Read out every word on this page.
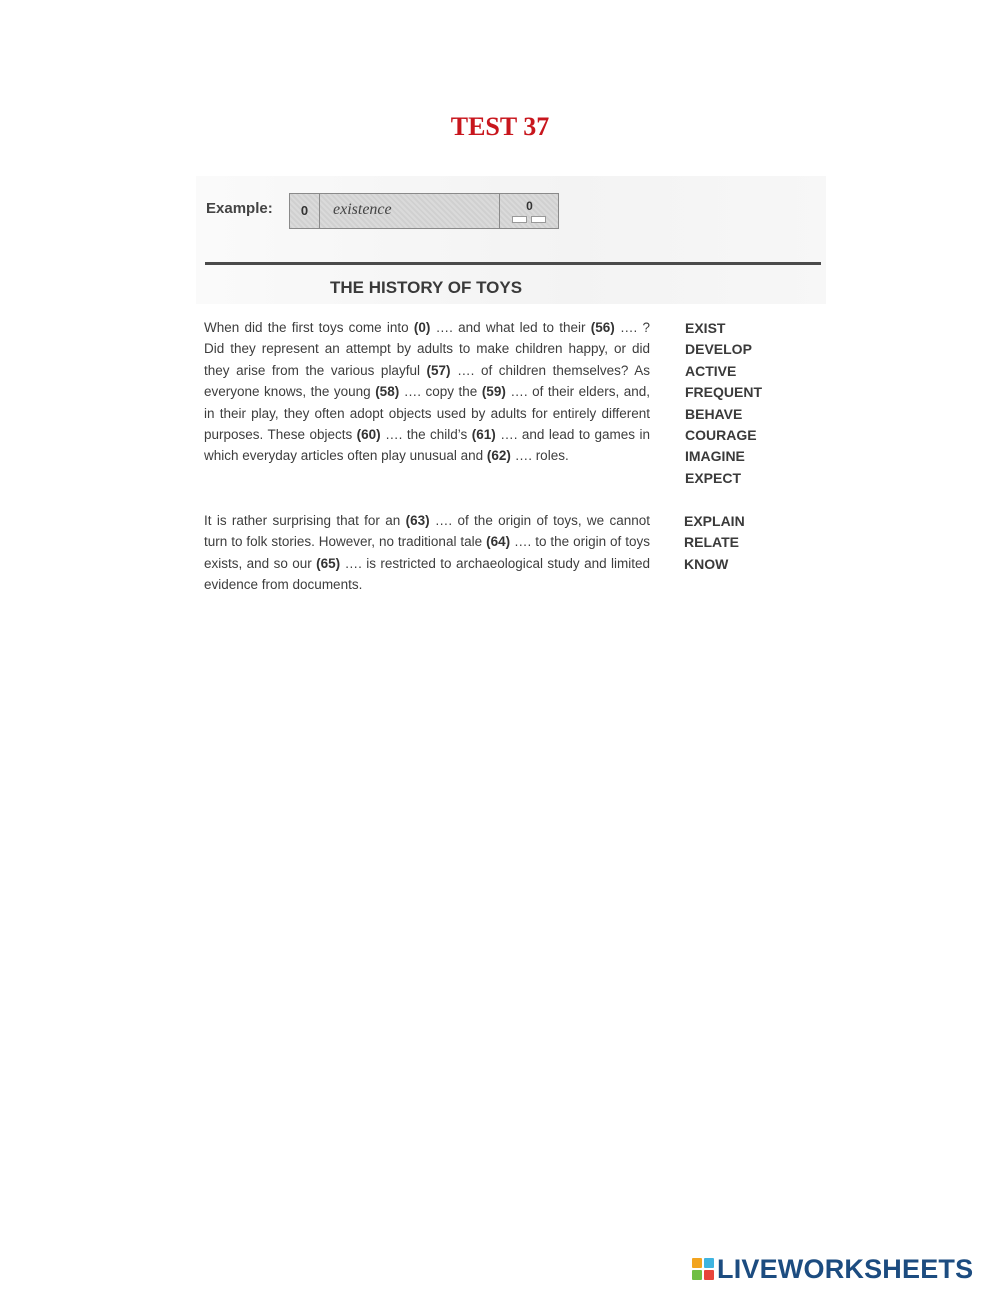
TEST 37
Example:	0	existence	0
THE HISTORY OF TOYS
When did the first toys come into (0) …. and what led to their (56) …. ? Did they represent an attempt by adults to make children happy, or did they arise from the various playful (57) …. of children themselves? As everyone knows, the young (58) …. copy the (59) …. of their elders, and, in their play, they often adopt objects used by adults for entirely different purposes. These objects (60) …. the child’s (61) …. and lead to games in which everyday articles often play unusual and (62) …. roles.
EXIST
DEVELOP
ACTIVE
FREQUENT
BEHAVE
COURAGE
IMAGINE
EXPECT
It is rather surprising that for an (63) …. of the origin of toys, we cannot turn to folk stories. However, no traditional tale (64) …. to the origin of toys exists, and so our (65) …. is restricted to archaeological study and limited evidence from documents.
EXPLAIN
RELATE
KNOW
LIVEWORKSHEETS
